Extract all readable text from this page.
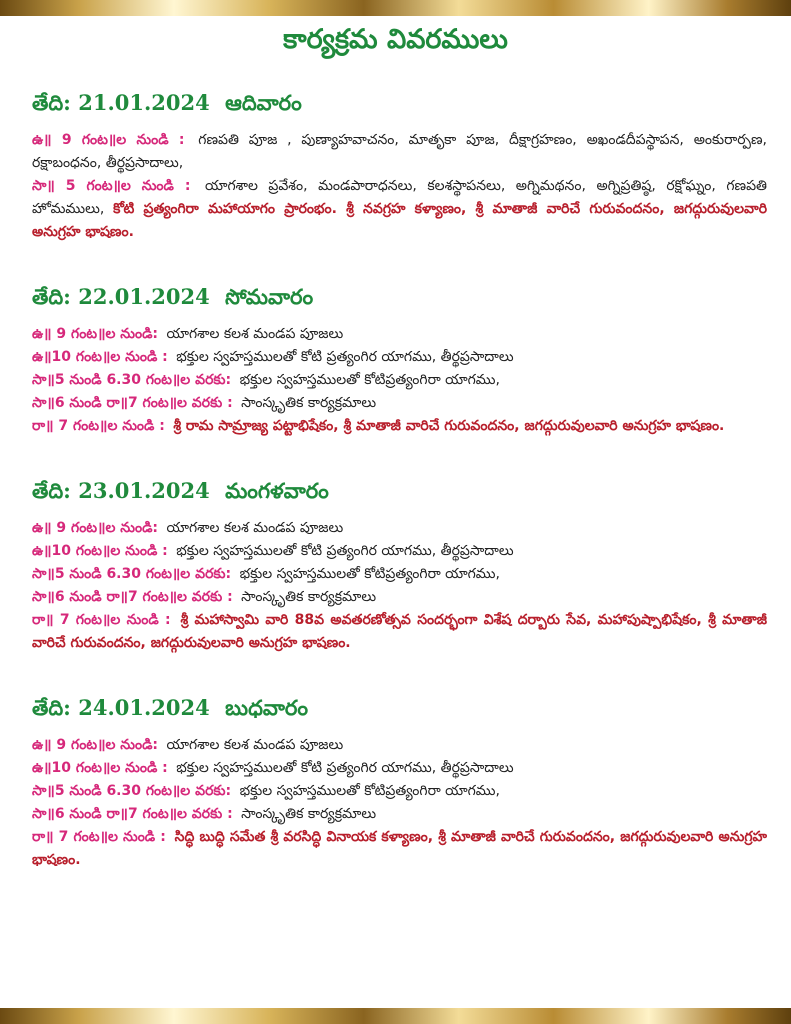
కార్యక్రమ వివరములు
తేది: 21.01.2024 ఆదివారం

ఉ॥ 9 గంట॥ల నుండి : గణపతి పూజ , పుణ్యాహవాచనం, మాతృకా పూజ, దీక్షాగ్రహణం, అఖండదీపస్థాపన, అంకురార్పణ, రక్షాబంధనం, తీర్థప్రసాదాలు,

సా॥ 5 గంట॥ల నుండి : యాగశాల ప్రవేశం, మండపారాధనలు, కలశస్థాపనలు, అగ్నిమథనం, అగ్నిప్రతిష్ఠ, రక్షోఘ్నం, గణపతి హోమములు, కోటి ప్రత్యంగిరా మహాయాగం ప్రారంభం. శ్రీ నవగ్రహ కళ్యాణం, శ్రీ మాతాజీ వారిచే గురువందనం, జగద్గురువులవారి అనుగ్రహ భాషణం.

తేది: 22.01.2024 సోమవారం

ఉ॥ 9 గంట॥ల నుండి: యాగశాల కలశ మండప పూజలు

ఉ॥10 గంట॥ల నుండి : భక్తుల స్వహస్తములతో కోటి ప్రత్యంగిర యాగము, తీర్థప్రసాదాలు

సా॥5 నుండి 6.30 గంట॥ల వరకు: భక్తుల స్వహస్తములతో కోటిప్రత్యంగిరా యాగము,

సా॥6 నుండి రా॥7 గంట॥ల వరకు : సాంస్కృతిక కార్యక్రమాలు

రా॥ 7 గంట॥ల నుండి : శ్రీ రామ సామ్రాజ్య పట్టాభిషేకం, శ్రీ మాతాజీ వారిచే గురువందనం, జగద్గురువులవారి అనుగ్రహ భాషణం.

తేది: 23.01.2024 మంగళవారం

ఉ॥ 9 గంట॥ల నుండి: యాగశాల కలశ మండప పూజలు

ఉ॥10 గంట॥ల నుండి : భక్తుల స్వహస్తములతో కోటి ప్రత్యంగిర యాగము, తీర్థప్రసాదాలు

సా॥5 నుండి 6.30 గంట॥ల వరకు: భక్తుల స్వహస్తములతో కోటిప్రత్యంగిరా యాగము,

సా॥6 నుండి రా॥7 గంట॥ల వరకు : సాంస్కృతిక కార్యక్రమాలు

రా॥ 7 గంట॥ల నుండి : శ్రీ మహాస్వామి వారి 88వ అవతరణోత్సవ సందర్భంగా విశేష దర్బారు సేవ, మహాపుష్పాభిషేకం, శ్రీ మాతాజీ వారిచే గురువందనం, జగద్గురువులవారి అనుగ్రహ భాషణం.

తేది: 24.01.2024 బుధవారం

ఉ॥ 9 గంట॥ల నుండి: యాగశాల కలశ మండప పూజలు

ఉ॥10 గంట॥ల నుండి : భక్తుల స్వహస్తములతో కోటి ప్రత్యంగిర యాగము, తీర్థప్రసాదాలు

సా॥5 నుండి 6.30 గంట॥ల వరకు: భక్తుల స్వహస్తములతో కోటిప్రత్యంగిరా యాగము,

సా॥6 నుండి రా॥7 గంట॥ల వరకు : సాంస్కృతిక కార్యక్రమాలు

రా॥ 7 గంట॥ల నుండి : సిద్ధి బుద్ధి సమేత శ్రీ వరసిద్ధి వినాయక కళ్యాణం, శ్రీ మాతాజీ వారిచే గురువందనం, జగద్గురువులవారి అనుగ్రహ భాషణం.
